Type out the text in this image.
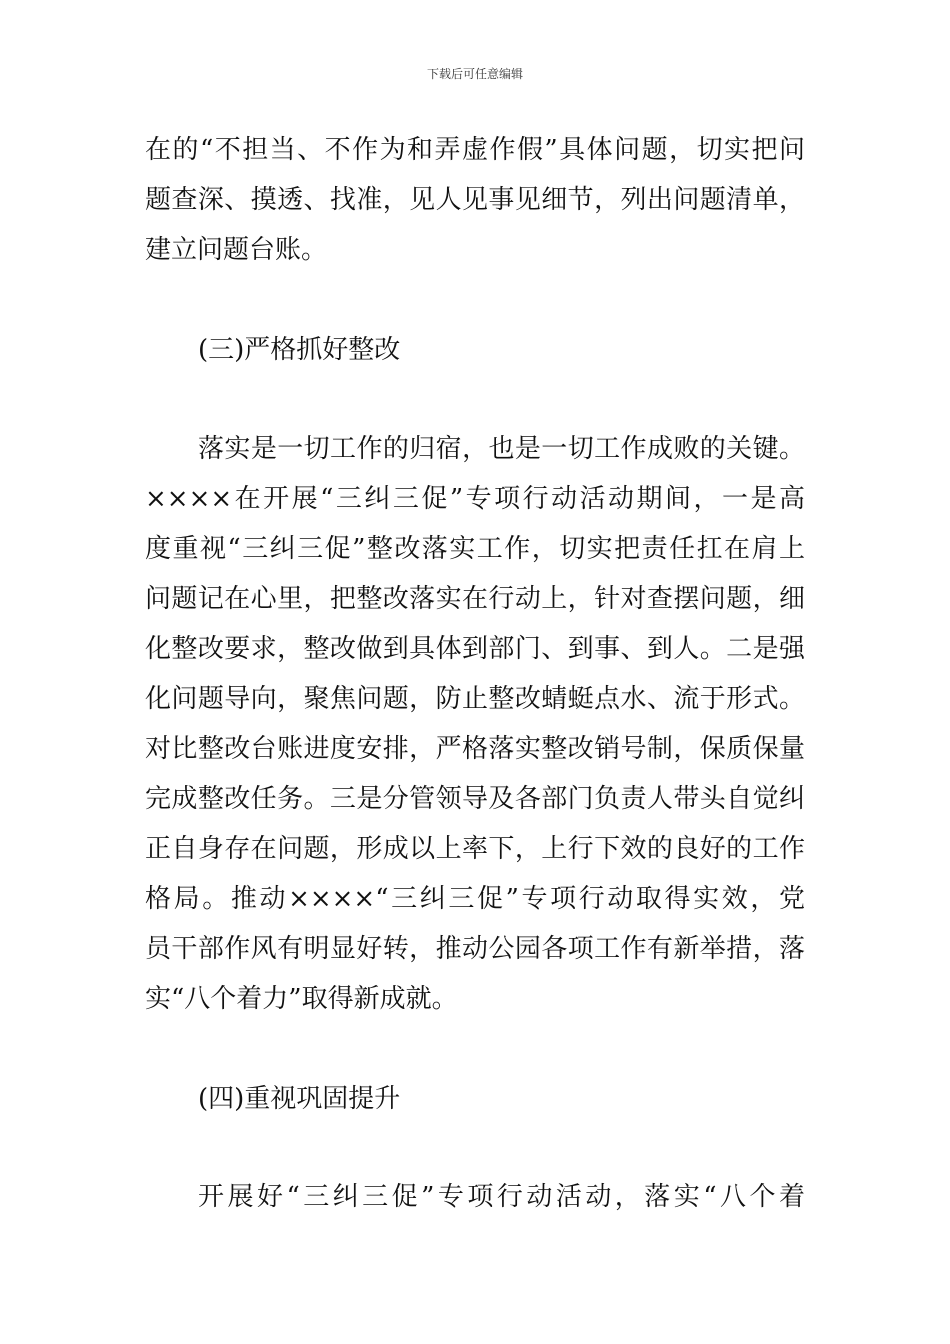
下载后可任意编辑
在的“不担当、不作为和弄虚作假”具体问题，切实把问
题查深、摸透、找准，见人见事见细节，列出问题清单，
建立问题台账。
(三)严格抓好整改
落实是一切工作的归宿，也是一切工作成败的关键。
××××在开展“三纠三促”专项行动活动期间，一是高
度重视“三纠三促”整改落实工作，切实把责任扛在肩上
问题记在心里，把整改落实在行动上，针对查摆问题，细
化整改要求，整改做到具体到部门、到事、到人。二是强
化问题导向，聚焦问题，防止整改蜻蜓点水、流于形式。
对比整改台账进度安排，严格落实整改销号制，保质保量
完成整改任务。三是分管领导及各部门负责人带头自觉纠
正自身存在问题，形成以上率下，上行下效的良好的工作
格局。推动××××“三纠三促”专项行动取得实效，党
员干部作风有明显好转，推动公园各项工作有新举措，落
实“八个着力”取得新成就。
(四)重视巩固提升
开展好“三纠三促”专项行动活动，落实“八个着
